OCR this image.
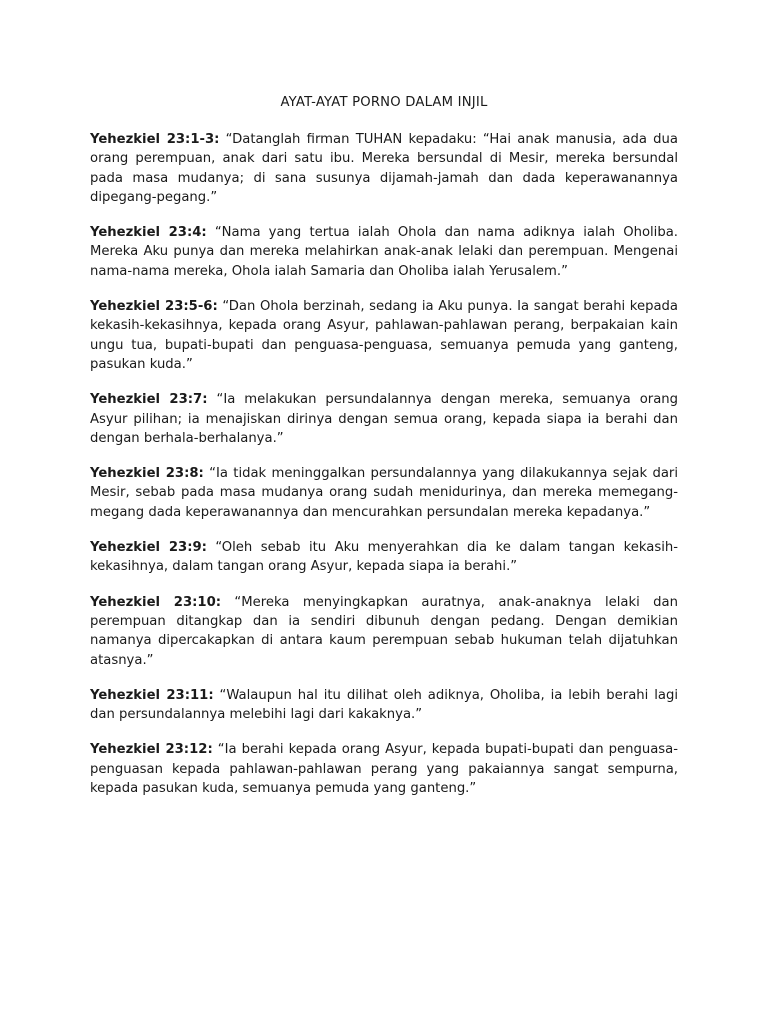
AYAT-AYAT PORNO DALAM INJIL

Yehezkiel 23:1-3: “Datanglah firman TUHAN kepadaku: “Hai anak manusia, ada dua orang perempuan, anak dari satu ibu. Mereka bersundal di Mesir, mereka bersundal pada masa mudanya; di sana susunya dijamah-jamah dan dada keperawanannya dipegang-pegang.”

Yehezkiel 23:4: “Nama yang tertua ialah Ohola dan nama adiknya ialah Oholiba. Mereka Aku punya dan mereka melahirkan anak-anak lelaki dan perempuan. Mengenai nama-nama mereka, Ohola ialah Samaria dan Oholiba ialah Yerusalem.”

Yehezkiel 23:5-6: “Dan Ohola berzinah, sedang ia Aku punya. Ia sangat berahi kepada kekasih-kekasihnya, kepada orang Asyur, pahlawan-pahlawan perang, berpakaian kain ungu tua, bupati-bupati dan penguasa-penguasa, semuanya pemuda yang ganteng, pasukan kuda.”

Yehezkiel 23:7: “Ia melakukan persundalannya dengan mereka, semuanya orang Asyur pilihan; ia menajiskan dirinya dengan semua orang, kepada siapa ia berahi dan dengan berhala-berhalanya.”

Yehezkiel 23:8: “Ia tidak meninggalkan persundalannya yang dilakukannya sejak dari Mesir, sebab pada masa mudanya orang sudah menidurinya, dan mereka memegang-megang dada keperawanannya dan mencurahkan persundalan mereka kepadanya.”

Yehezkiel 23:9: “Oleh sebab itu Aku menyerahkan dia ke dalam tangan kekasih-kekasihnya, dalam tangan orang Asyur, kepada siapa ia berahi.”

Yehezkiel 23:10: “Mereka menyingkapkan auratnya, anak-anaknya lelaki dan perempuan ditangkap dan ia sendiri dibunuh dengan pedang. Dengan demikian namanya dipercakapkan di antara kaum perempuan sebab hukuman telah dijatuhkan atasnya.”

Yehezkiel 23:11: “Walaupun hal itu dilihat oleh adiknya, Oholiba, ia lebih berahi lagi dan persundalannya melebihi lagi dari kakaknya.”

Yehezkiel 23:12: “Ia berahi kepada orang Asyur, kepada bupati-bupati dan penguasa-penguasan kepada pahlawan-pahlawan perang yang pakaiannya sangat sempurna, kepada pasukan kuda, semuanya pemuda yang ganteng.”
